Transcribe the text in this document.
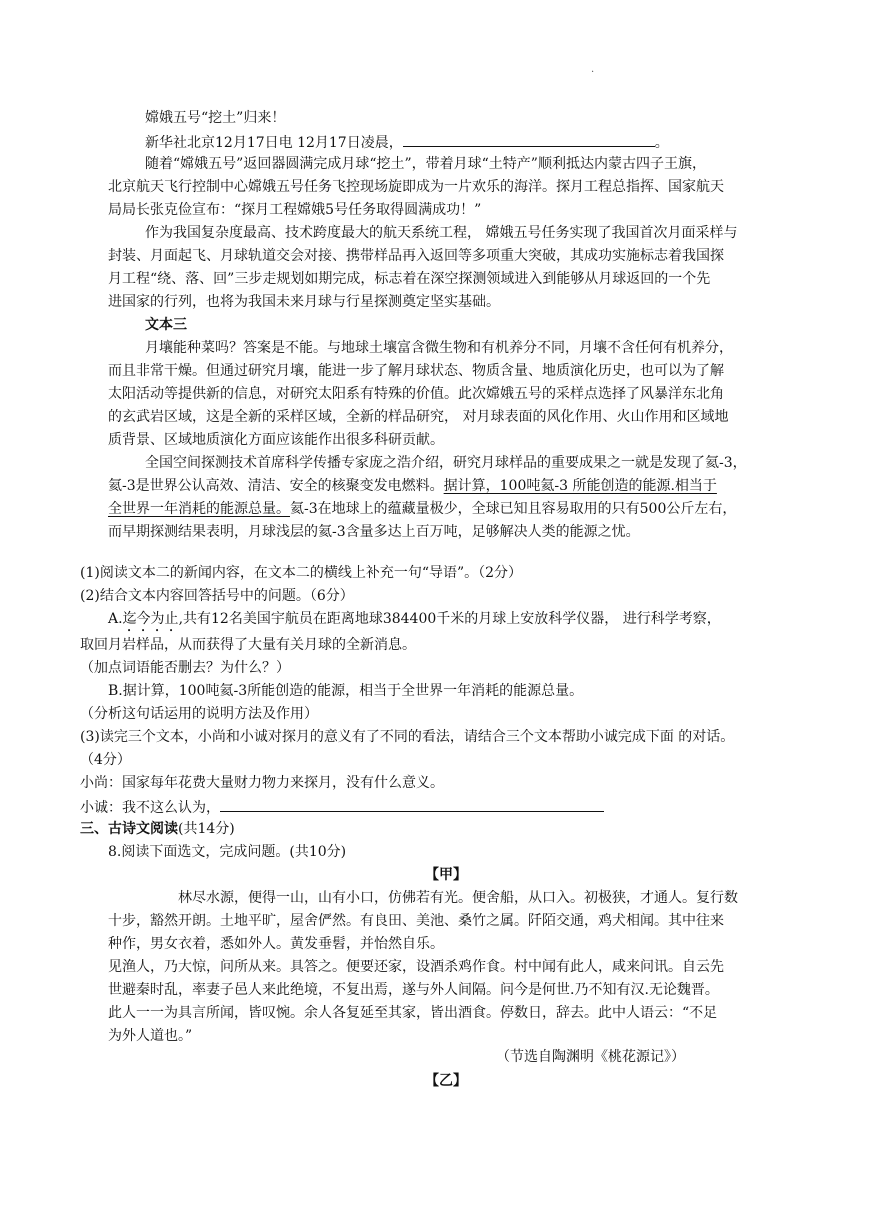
.
嫦娥五号“挖土”归来！
新华社北京12月17日电 12月17日凌晨，	。
随着“嫦娥五号”返回器圆满完成月球“挖土”，带着月球“土特产”顺利抵达内蒙古四子王旗，
北京航天飞行控制中心嫦娥五号任务飞控现场旋即成为一片欢乐的海洋。探月工程总指挥、国家航天
局局长张克俭宣布：“探月工程嫦娥5号任务取得圆满成功！”
作为我国复杂度最高、技术跨度最大的航天系统工程， 嫦娥五号任务实现了我国首次月面采样与
封装、月面起飞、月球轨道交会对接、携带样品再入返回等多项重大突破，其成功实施标志着我国探
月工程“绕、落、回”三步走规划如期完成，标志着在深空探测领域进入到能够从月球返回的一个先
进国家的行列，也将为我国未来月球与行星探测奠定坚实基础。
文本三
月壤能种菜吗？答案是不能。与地球土壤富含微生物和有机养分不同，月壤不含任何有机养分，
而且非常干燥。但通过研究月壤，能进一步了解月球状态、物质含量、地质演化历史，也可以为了解
太阳活动等提供新的信息，对研究太阳系有特殊的价值。此次嫦娥五号的采样点选择了风暴洋东北角
的玄武岩区域，这是全新的采样区域，全新的样品研究， 对月球表面的风化作用、火山作用和区域地
质背景、区域地质演化方面应该能作出很多科研贡献。
全国空间探测技术首席科学传播专家庞之浩介绍，研究月球样品的重要成果之一就是发现了氦-3，
氦-3是世界公认高效、清洁、安全的核聚变发电燃料。据计算，100吨氦-3 所能创造的能源.相当于
全世界一年消耗的能源总量。氦-3在地球上的蕴藏量极少，全球已知且容易取用的只有500公斤左右，
而早期探测结果表明，月球浅层的氦-3含量多达上百万吨，足够解决人类的能源之忧。
(1)阅读文本二的新闻内容，在文本二的横线上补充一句“导语”。（2分）
(2)结合文本内容回答括号中的问题。（6分）
A.迄今为止,共有12名美国宇航员在距离地球384400千米的月球上安放科学仪器， 进行科学考察，
取回月岩样品，从而获得了大量有关月球的全新消息。
（加点词语能否删去？为什么？）
B.据计算，100吨氦-3所能创造的能源，相当于全世界一年消耗的能源总量。
（分析这句话运用的说明方法及作用）
(3)读完三个文本，小尚和小诚对探月的意义有了不同的看法，请结合三个文本帮助小诚完成下面 的对话。
（4分）
小尚：国家每年花费大量财力物力来探月，没有什么意义。
小诚：我不这么认为，
三、古诗文阅读(共14分)
8.阅读下面选文，完成问题。(共10分)
【甲】
林尽水源，便得一山，山有小口，仿佛若有光。便舍船，从口入。初极狭，才通人。复行数
十步，豁然开朗。土地平旷，屋舍俨然。有良田、美池、桑竹之属。阡陌交通，鸡犬相闻。其中往来
种作，男女衣着，悉如外人。黄发垂髫，并怡然自乐。
见渔人，乃大惊，问所从来。具答之。便要还家，设酒杀鸡作食。村中闻有此人，咸来问讯。自云先
世避秦时乱，率妻子邑人来此绝境，不复出焉，遂与外人间隔。问今是何世.乃不知有汉.无论魏晋。
此人一一为具言所闻，皆叹惋。余人各复延至其家，皆出酒食。停数日，辞去。此中人语云：“不足
为外人道也。”
（节选自陶渊明《桃花源记》）
【乙】
